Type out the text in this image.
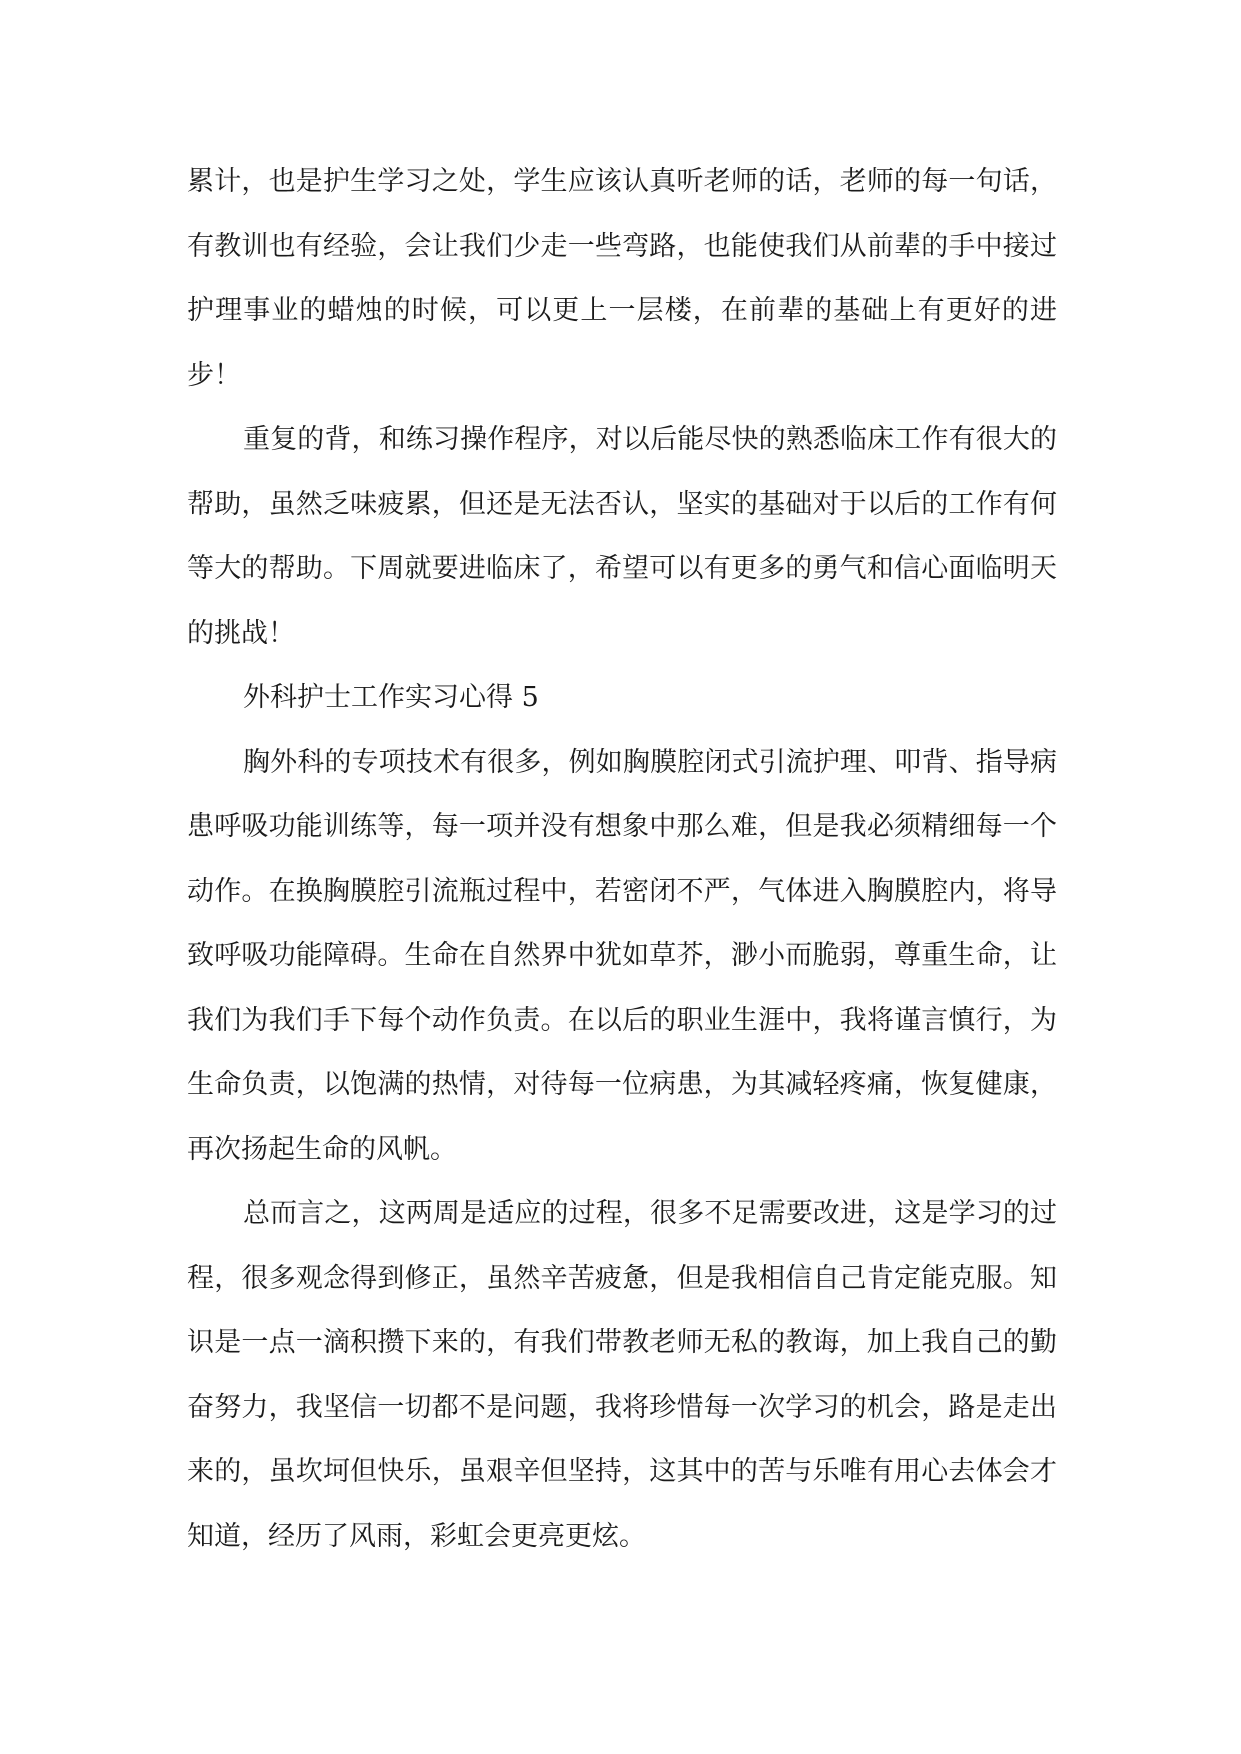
累计，也是护生学习之处，学生应该认真听老师的话，老师的每一句话，有教训也有经验，会让我们少走一些弯路，也能使我们从前辈的手中接过护理事业的蜡烛的时候，可以更上一层楼，在前辈的基础上有更好的进步！

重复的背，和练习操作程序，对以后能尽快的熟悉临床工作有很大的帮助，虽然乏味疲累，但还是无法否认，坚实的基础对于以后的工作有何等大的帮助。下周就要进临床了，希望可以有更多的勇气和信心面临明天的挑战！

外科护士工作实习心得 5

胸外科的专项技术有很多，例如胸膜腔闭式引流护理、叩背、指导病患呼吸功能训练等，每一项并没有想象中那么难，但是我必须精细每一个动作。在换胸膜腔引流瓶过程中，若密闭不严，气体进入胸膜腔内，将导致呼吸功能障碍。生命在自然界中犹如草芥，渺小而脆弱，尊重生命，让我们为我们手下每个动作负责。在以后的职业生涯中，我将谨言慎行，为生命负责，以饱满的热情，对待每一位病患，为其减轻疼痛，恢复健康，再次扬起生命的风帆。

总而言之，这两周是适应的过程，很多不足需要改进，这是学习的过程，很多观念得到修正，虽然辛苦疲惫，但是我相信自己肯定能克服。知识是一点一滴积攒下来的，有我们带教老师无私的教诲，加上我自己的勤奋努力，我坚信一切都不是问题，我将珍惜每一次学习的机会，路是走出来的，虽坎坷但快乐，虽艰辛但坚持，这其中的苦与乐唯有用心去体会才知道，经历了风雨，彩虹会更亮更炫。
